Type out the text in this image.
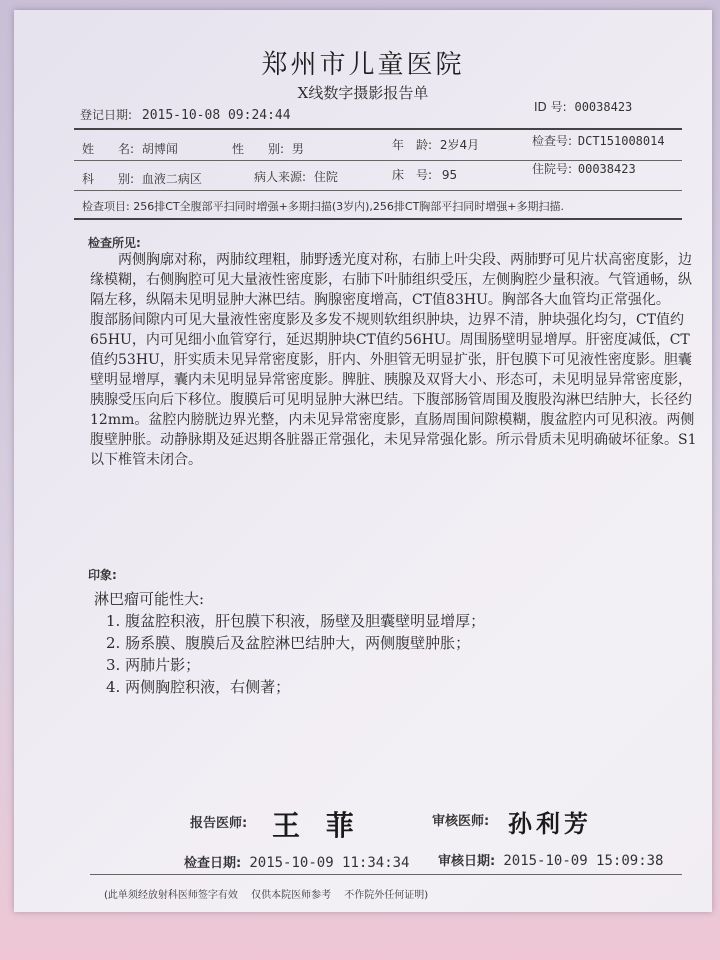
郑州市儿童医院
X线数字摄影报告单
登记日期: 2015-10-08 09:24:44
ID 号: 00038423
姓　　名: 胡博闻	性　　别: 男	年　龄: 2岁4月	检查号: DCT151008014
科　　别: 血液二病区	病人来源: 住院	床　号: 95	住院号: 00038423
检查项目: 256排CT全腹部平扫同时增强+多期扫描(3岁内),256排CT胸部平扫同时增强+多期扫描.
检查所见:
两侧胸廓对称，两肺纹理粗，肺野透光度对称，右肺上叶尖段、两肺野可见片状高密度影，边缘模糊，右侧胸腔可见大量液性密度影，右肺下叶肺组织受压，左侧胸腔少量积液。气管通畅，纵隔左移，纵隔未见明显肿大淋巴结。胸腺密度增高，CT值83HU。胸部各大血管均正常强化。
腹部肠间隙内可见大量液性密度影及多发不规则软组织肿块，边界不清，肿块强化均匀，CT值约65HU，内可见细小血管穿行，延迟期肿块CT值约56HU。周围肠壁明显增厚。肝密度减低，CT值约53HU，肝实质未见异常密度影，肝内、外胆管无明显扩张，肝包膜下可见液性密度影。胆囊壁明显增厚，囊内未见明显异常密度影。脾脏、胰腺及双肾大小、形态可，未见明显异常密度影，胰腺受压向后下移位。腹膜后可见明显肿大淋巴结。下腹部肠管周围及腹股沟淋巴结肿大，长径约12mm。盆腔内膀胱边界光整，内未见异常密度影，直肠周围间隙模糊，腹盆腔内可见积液。两侧腹壁肿胀。动静脉期及延迟期各脏器正常强化，未见异常强化影。所示骨质未见明确破坏征象。S1以下椎管未闭合。
印象:
淋巴瘤可能性大:
1. 腹盆腔积液，肝包膜下积液，肠壁及胆囊壁明显增厚；
2. 肠系膜、腹膜后及盆腔淋巴结肿大，两侧腹壁肿胀；
3. 两肺片影；
4. 两侧胸腔积液，右侧著；
报告医师: 王 菲	审核医师: 孙利芳
检查日期: 2015-10-09 11:34:34 审核日期: 2015-10-09 15:09:38
(此单须经放射科医师签字有效　 仅供本院医师参考　 不作院外任何证明)
